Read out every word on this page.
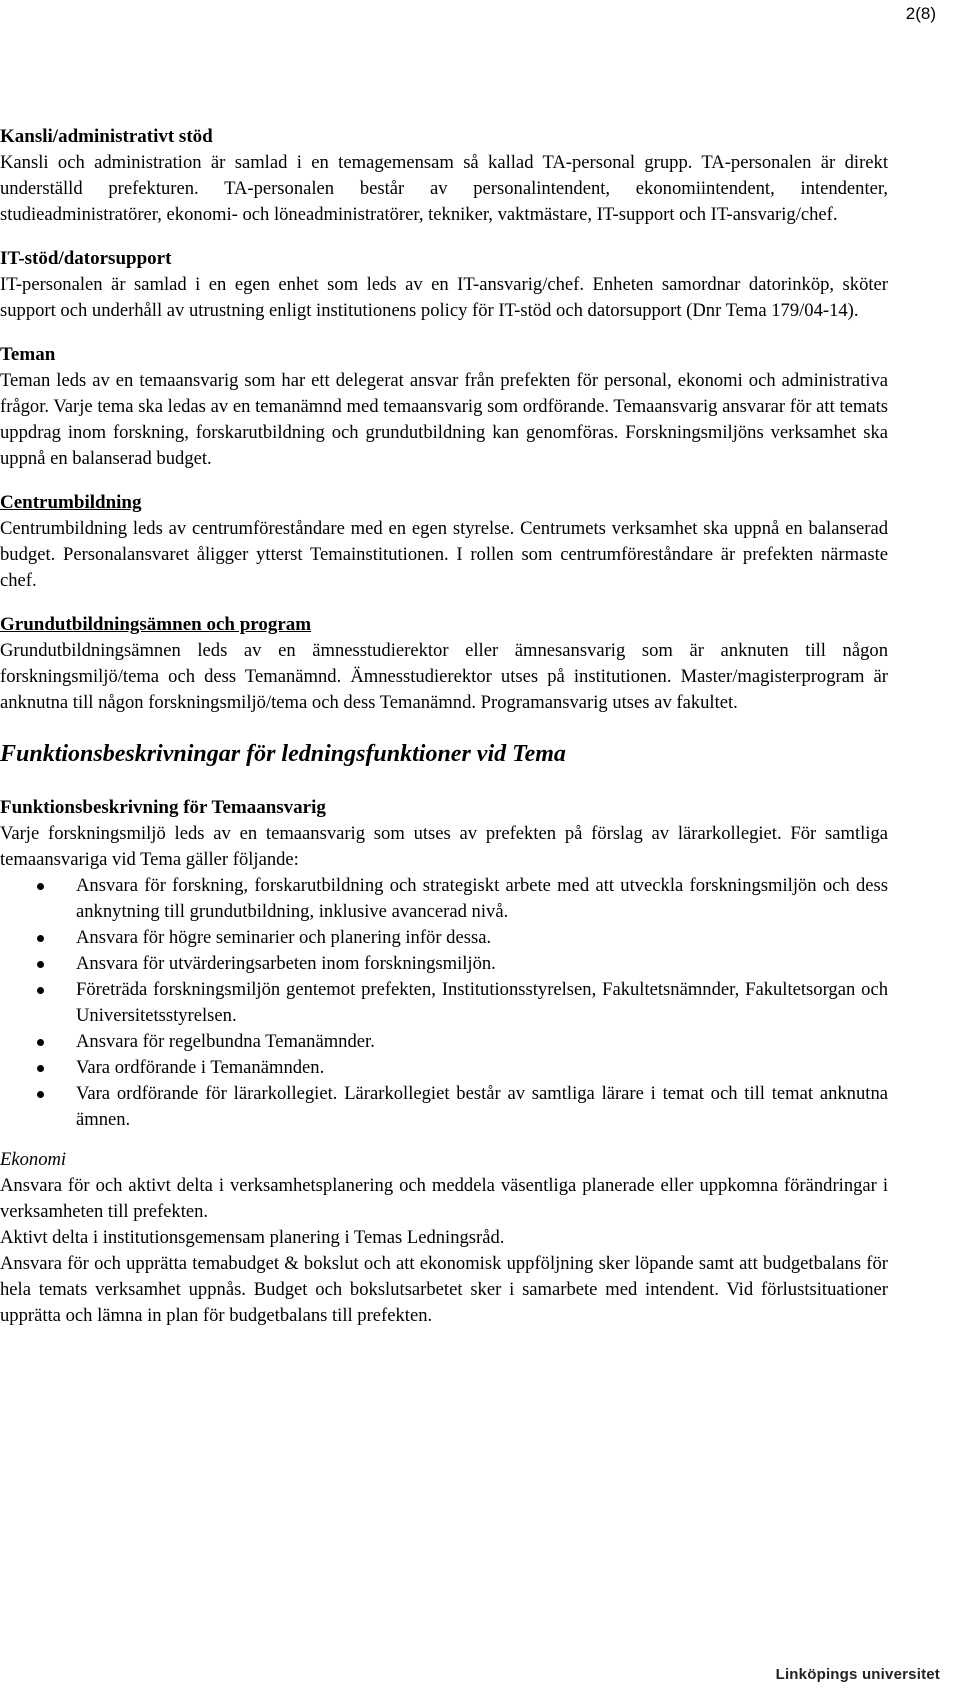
2(8)
Kansli/administrativt stöd

Kansli och administration är samlad i en temagemensam så kallad TA-personal grupp. TA-personalen är direkt underställd prefekturen. TA-personalen består av personalintendent, ekonomiintendent, intendenter, studieadministratörer, ekonomi- och löneadministratörer, tekniker, vaktmästare, IT-support och IT-ansvarig/chef.

IT-stöd/datorsupport

IT-personalen är samlad i en egen enhet som leds av en IT-ansvarig/chef. Enheten samordnar datorinköp, sköter support och underhåll av utrustning enligt institutionens policy för IT-stöd och datorsupport (Dnr Tema 179/04-14).

Teman

Teman leds av en temaansvarig som har ett delegerat ansvar från prefekten för personal, ekonomi och administrativa frågor. Varje tema ska ledas av en temanämnd med temaansvarig som ordförande. Temaansvarig ansvarar för att temats uppdrag inom forskning, forskarutbildning och grundutbildning kan genomföras. Forskningsmiljöns verksamhet ska uppnå en balanserad budget.

Centrumbildning

Centrumbildning leds av centrumföreståndare med en egen styrelse. Centrumets verksamhet ska uppnå en balanserad budget. Personalansvaret åligger ytterst Temainstitutionen. I rollen som centrumföreståndare är prefekten närmaste chef.

Grundutbildningsämnen och program

Grundutbildningsämnen leds av en ämnesstudierektor eller ämnesansvarig som är anknuten till någon forskningsmiljö/tema och dess Temanämnd. Ämnesstudierektor utses på institutionen. Master/magisterprogram är anknutna till någon forskningsmiljö/tema och dess Temanämnd. Programansvarig utses av fakultet.

Funktionsbeskrivningar för ledningsfunktioner vid Tema
Funktionsbeskrivning för Temaansvarig

Varje forskningsmiljö leds av en temaansvarig som utses av prefekten på förslag av lärarkollegiet. För samtliga temaansvariga vid Tema gäller följande:

Ansvara för forskning, forskarutbildning och strategiskt arbete med att utveckla forskningsmiljön och dess anknytning till grundutbildning, inklusive avancerad nivå.
Ansvara för högre seminarier och planering inför dessa.
Ansvara för utvärderingsarbeten inom forskningsmiljön.
Företräda forskningsmiljön gentemot prefekten, Institutionsstyrelsen, Fakultetsnämnder, Fakultetsorgan och Universitetsstyrelsen.
Ansvara för regelbundna Temanämnder.
Vara ordförande i Temanämnden.
Vara ordförande för lärarkollegiet. Lärarkollegiet består av samtliga lärare i temat och till temat anknutna ämnen.
Ekonomi

Ansvara för och aktivt delta i verksamhetsplanering och meddela väsentliga planerade eller uppkomna förändringar i verksamheten till prefekten.

Aktivt delta i institutionsgemensam planering i Temas Ledningsråd.

Ansvara för och upprätta temabudget & bokslut och att ekonomisk uppföljning sker löpande samt att budgetbalans för hela temats verksamhet uppnås. Budget och bokslutsarbetet sker i samarbete med intendent. Vid förlustsituationer upprätta och lämna in plan för budgetbalans till prefekten.

Linköpings universitet
